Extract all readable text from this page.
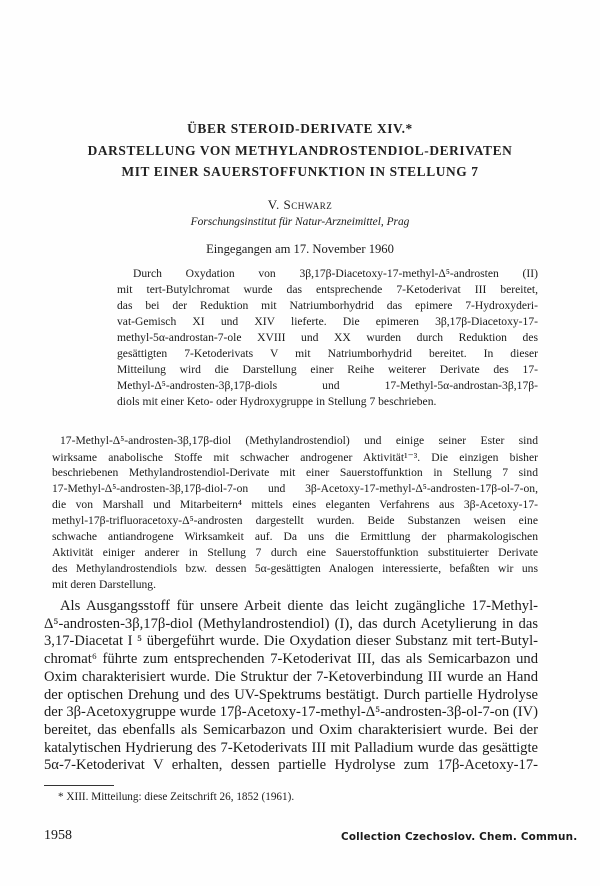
ÜBER STEROID-DERIVATE XIV.*
DARSTELLUNG VON METHYLANDROSTENDIOL-DERIVATEN
MIT EINER SAUERSTOFFUNKTION IN STELLUNG 7
V. Schwarz
Forschungsinstitut für Natur-Arzneimittel, Prag
Eingegangen am 17. November 1960
Durch Oxydation von 3β,17β-Diacetoxy-17-methyl-Δ⁵-androsten (II)
mit tert-Butylchromat wurde das entsprechende 7-Ketoderivat III bereitet,
das bei der Reduktion mit Natriumborhydrid das epimere 7-Hydroxyderi-
vat-Gemisch XI und XIV lieferte. Die epimeren 3β,17β-Diacetoxy-17-
methyl-5α-androstan-7-ole XVIII und XX wurden durch Reduktion des
gesättigten 7-Ketoderivats V mit Natriumborhydrid bereitet. In dieser
Mitteilung wird die Darstellung einer Reihe weiterer Derivate des 17-
Methyl-Δ⁵-androsten-3β,17β-diols und 17-Methyl-5α-androstan-3β,17β-
diols mit einer Keto- oder Hydroxygruppe in Stellung 7 beschrieben.
17-Methyl-Δ⁵-androsten-3β,17β-diol (Methylandrostendiol) und einige seiner Ester sind
wirksame anabolische Stoffe mit schwacher androgener Aktivität¹⁻³. Die einzigen bisher
beschriebenen Methylandrostendiol-Derivate mit einer Sauerstoffunktion in Stellung 7 sind
17-Methyl-Δ⁵-androsten-3β,17β-diol-7-on und 3β-Acetoxy-17-methyl-Δ⁵-androsten-17β-ol-7-on,
die von Marshall und Mitarbeitern⁴ mittels eines eleganten Verfahrens aus 3β-Acetoxy-17-
methyl-17β-trifluoracetoxy-Δ⁵-androsten dargestellt wurden. Beide Substanzen weisen eine
schwache antiandrogene Wirksamkeit auf. Da uns die Ermittlung der pharmakologischen
Aktivität einiger anderer in Stellung 7 durch eine Sauerstoffunktion substituierter Derivate
des Methylandrostendiols bzw. dessen 5α-gesättigten Analogen interessierte, befaßten wir uns
mit deren Darstellung.
Als Ausgangsstoff für unsere Arbeit diente das leicht zugängliche 17-Methyl-
Δ⁵-androsten-3β,17β-diol (Methylandrostendiol) (I), das durch Acetylierung in das
3,17-Diacetat I ⁵ übergeführt wurde. Die Oxydation dieser Substanz mit tert-Butyl-
chromat⁶ führte zum entsprechenden 7-Ketoderivat III, das als Semicarbazon und
Oxim charakterisiert wurde. Die Struktur der 7-Ketoverbindung III wurde an Hand
der optischen Drehung und des UV-Spektrums bestätigt. Durch partielle Hydrolyse
der 3β-Acetoxygruppe wurde 17β-Acetoxy-17-methyl-Δ⁵-androsten-3β-ol-7-on (IV)
bereitet, das ebenfalls als Semicarbazon und Oxim charakterisiert wurde. Bei der
katalytischen Hydrierung des 7-Ketoderivats III mit Palladium wurde das gesättigte
5α-7-Ketoderivat V erhalten, dessen partielle Hydrolyse zum 17β-Acetoxy-17-
* XIII. Mitteilung: diese Zeitschrift 26, 1852 (1961).
1958	Collection Czechoslov. Chem. Commun.
